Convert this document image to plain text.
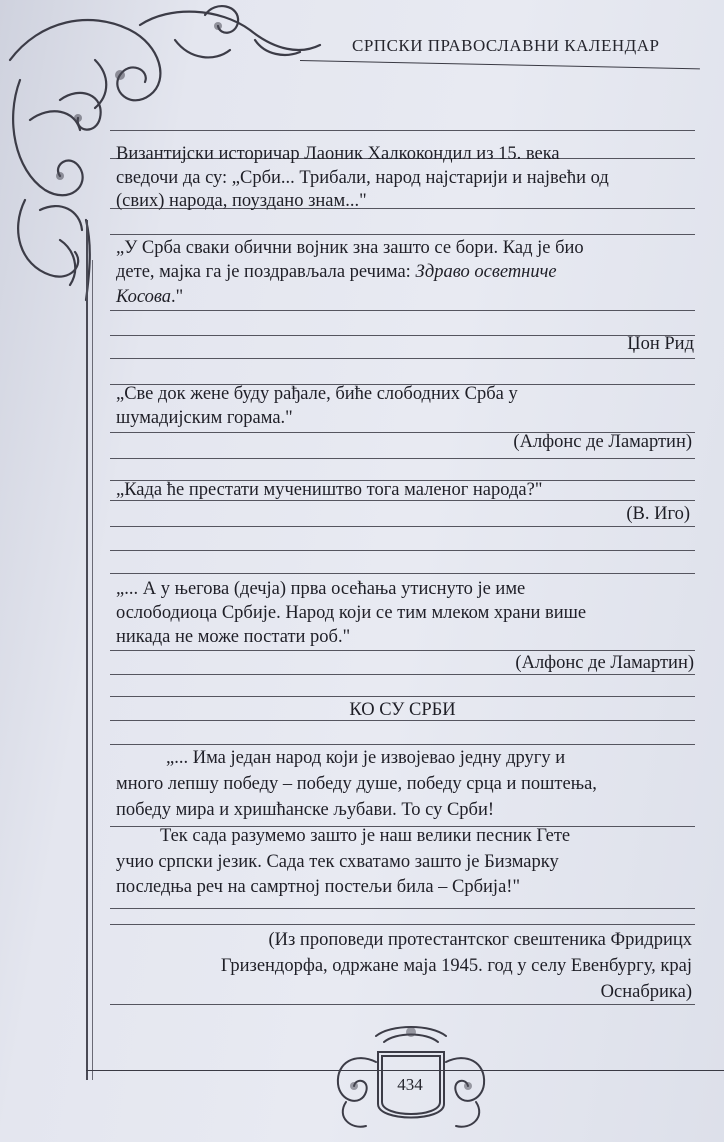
СРПСКИ ПРАВОСЛАВНИ КАЛЕНДАР
Византијски историчар Лаоник Халкокондил из 15. века
сведочи да су: „Срби... Трибали, народ најстарији и највећи од
(свих) народа, поуздано знам..."
„У Срба сваки обични војник зна зашто се бори. Кад је био
дете, мајка га је поздрављала речима: Здраво осветниче
Косова."
Џон Рид
„Све док жене буду рађале, биће слободних Срба у
шумадијским горама."
(Алфонс де Ламартин)
„Када ће престати мучеништво тога маленог народа?"
(В. Иго)
„... А у његова (дечја) прва осећања утиснуто је име
ослободиоца Србије. Народ који се тим млеком храни више
никада не може постати роб."
(Алфонс де Ламартин)
КО СУ СРБИ
„... Има један народ који је извојевао једну другу и
много лепшу победу – победу душе, победу срца и поштења,
победу мира и хришћанске љубави. То су Срби!
Тек сада разумемо зашто је наш велики песник Гете
учио српски језик. Сада тек схватамо зашто је Бизмарку
последња реч на самртној постељи била – Србија!"
(Из проповеди протестантског свештеника Фридрицх
Гризендорфа, одржане маја 1945. год у селу Евенбургу, крај
Оснабрика)
434
